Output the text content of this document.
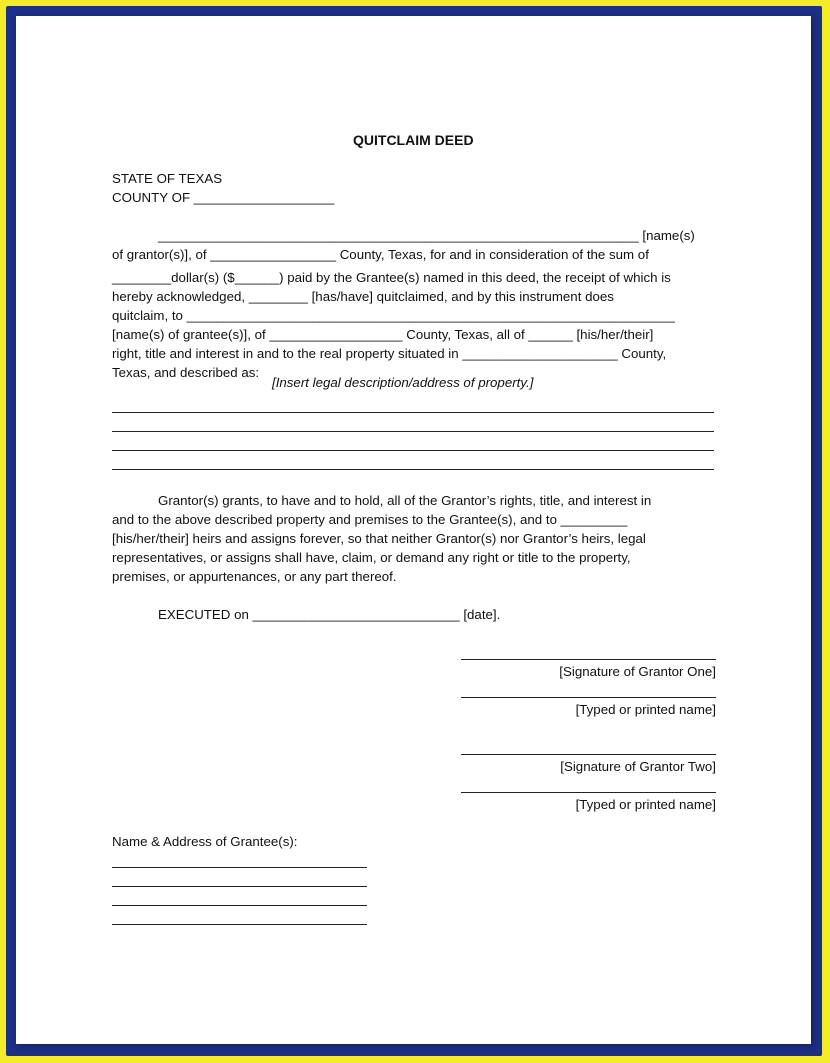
QUITCLAIM DEED
STATE OF TEXAS
COUNTY OF ___________________
_________________________________________________________________ [name(s)
of grantor(s)], of _________________ County, Texas, for and in consideration of the sum of
________dollar(s) ($______) paid by the Grantee(s) named in this deed, the receipt of which is
hereby acknowledged, ________ [has/have] quitclaimed, and by this instrument does
quitclaim, to __________________________________________________________________
[name(s) of grantee(s)], of __________________ County, Texas, all of ______ [his/her/their]
right, title and interest in and to the real property situated in _____________________ County,
Texas, and described as:
[Insert legal description/address of property.]
Grantor(s) grants, to have and to hold, all of the Grantor’s rights, title, and interest in
and to the above described property and premises to the Grantee(s), and to _________
[his/her/their] heirs and assigns forever, so that neither Grantor(s) nor Grantor’s heirs, legal
representatives, or assigns shall have, claim, or demand any right or title to the property,
premises, or appurtenances, or any part thereof.
EXECUTED on ____________________________ [date].
[Signature of Grantor One]
[Typed or printed name]
[Signature of Grantor Two]
[Typed or printed name]
Name & Address of Grantee(s):
